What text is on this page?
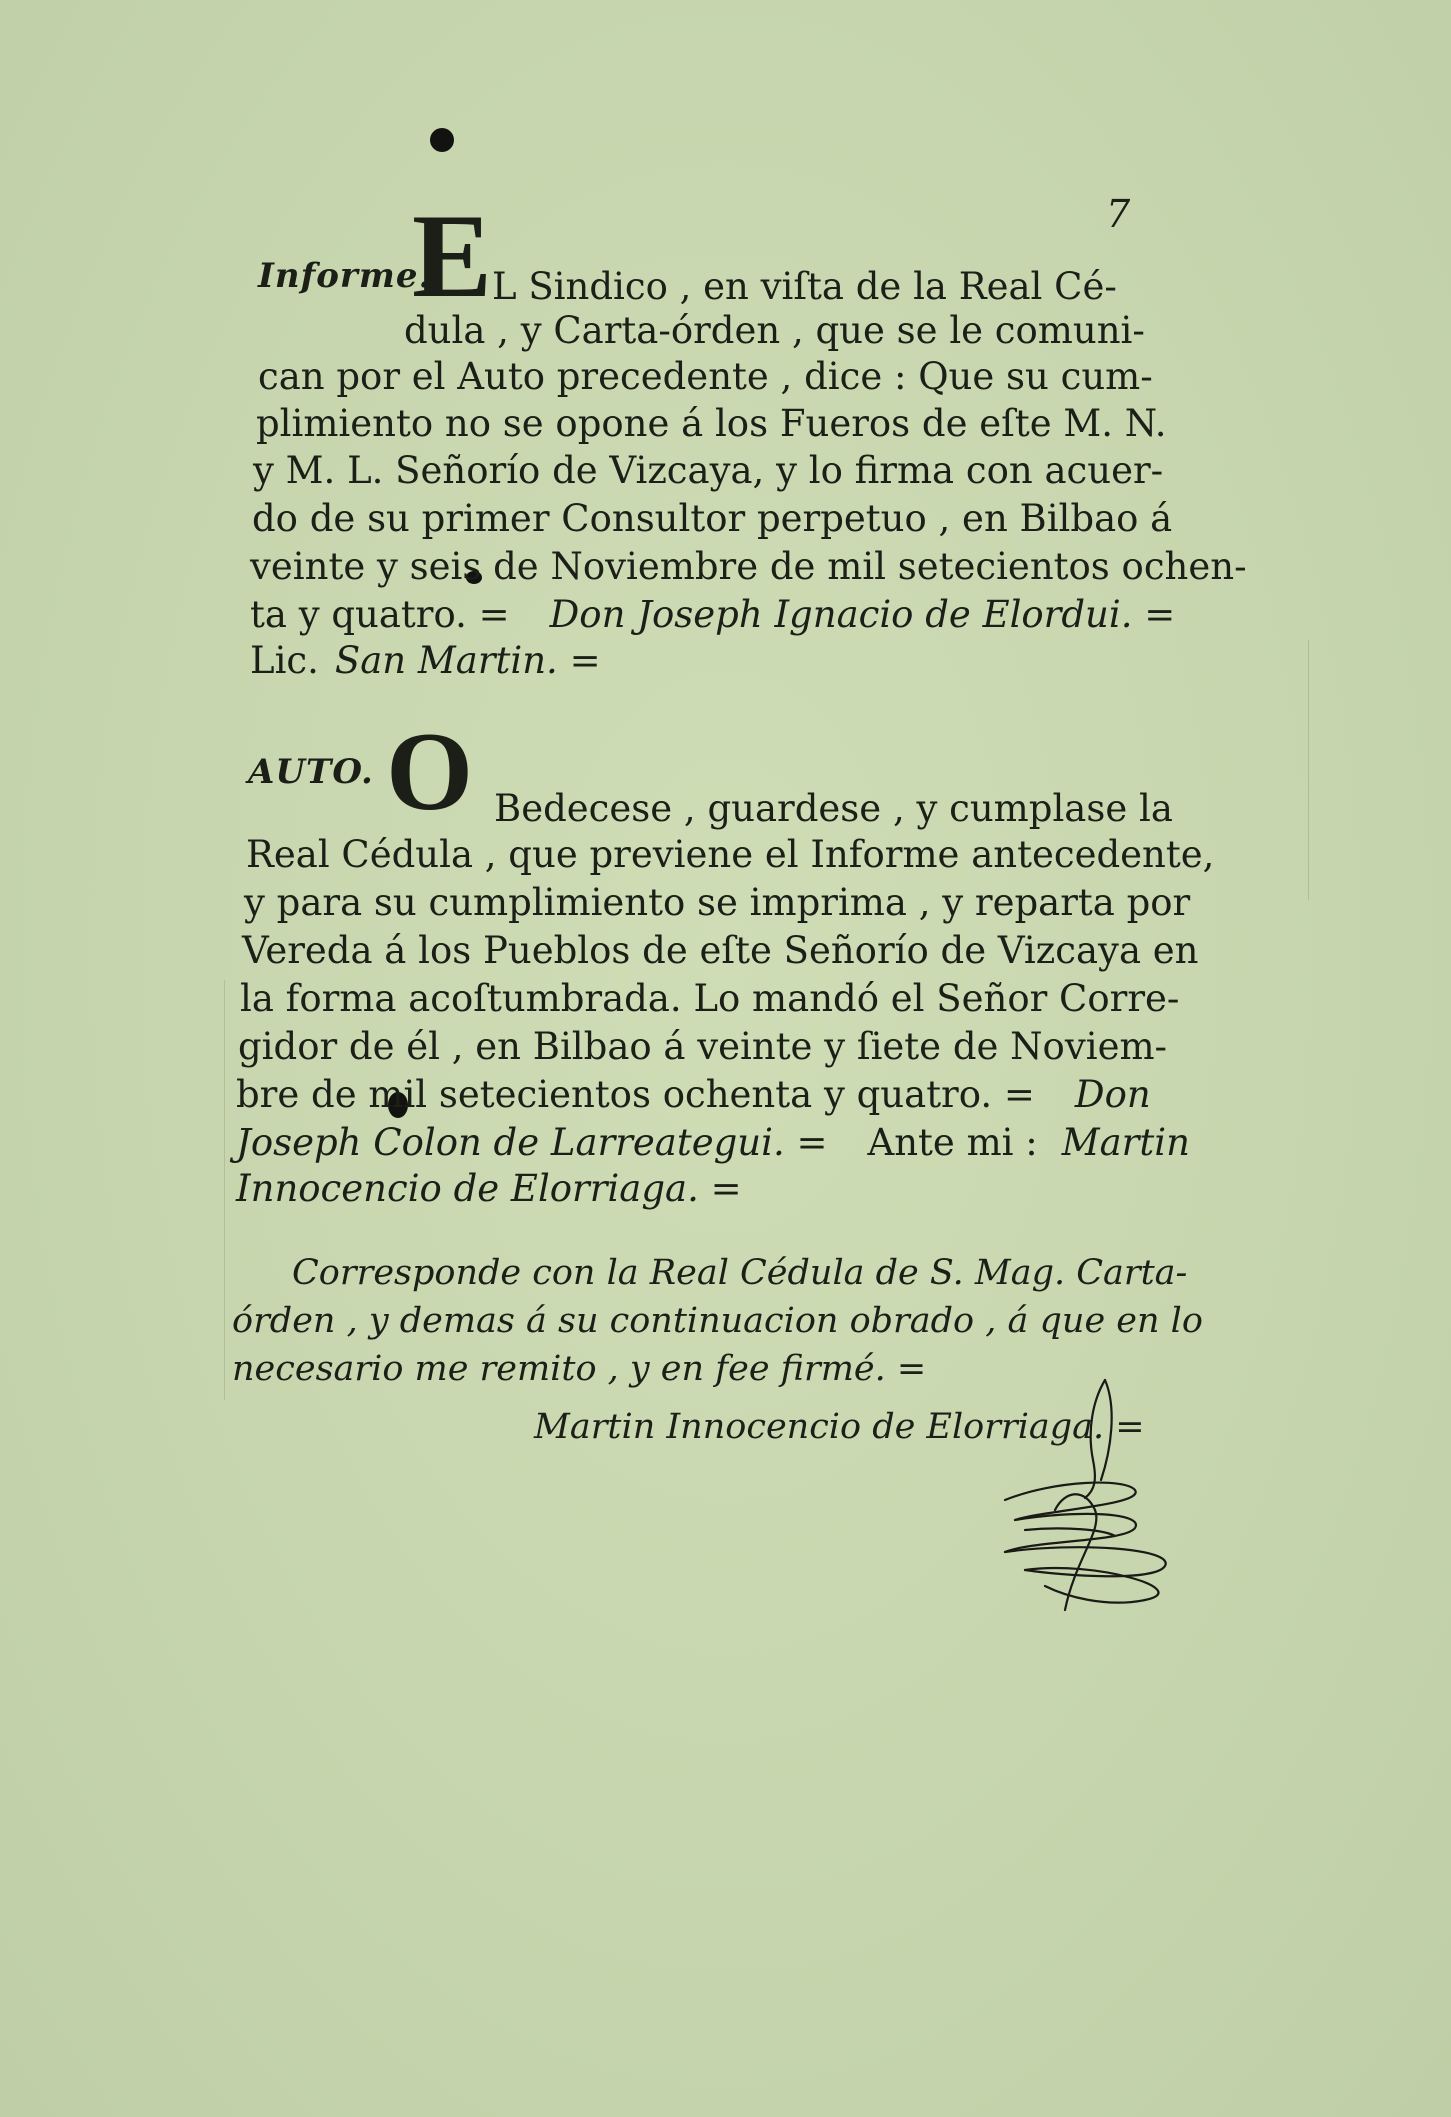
7
Informe.
E L Sindico , en viſta de la Real Cé-
dula , y Carta-órden , que se le comuni-
can por el Auto precedente , dice : Que su cum-
plimiento no se opone á los Fueros de eſte M. N.
y M. L. Señorío de Vizcaya, y lo firma con acuer-
do de su primer Consultor perpetuo , en Bilbao á
veinte y seis de Noviembre de mil setecientos ochen-
ta y quatro. = Don Joseph Ignacio de Elordui. =
Lic. San Martin. =
AUTO. O Bedecese , guardese , y cumplase la
Real Cédula , que previene el Informe antecedente,
y para su cumplimiento se imprima , y reparta por
Vereda á los Pueblos de eſte Señorío de Vizcaya en
la forma acoſtumbrada. Lo mandó el Señor Corre-
gidor de él , en Bilbao á veinte y ſiete de Noviem-
bre de mil setecientos ochenta y quatro. = Don
Joseph Colon de Larreategui. = Ante mi : Martin
Innocencio de Elorriaga. =
Corresponde con la Real Cédula de S. Mag. Carta-
órden , y demas á su continuacion obrado , á que en lo
necesario me remito , y en fee firmé. =
Martin Innocencio de Elorriaga. =
